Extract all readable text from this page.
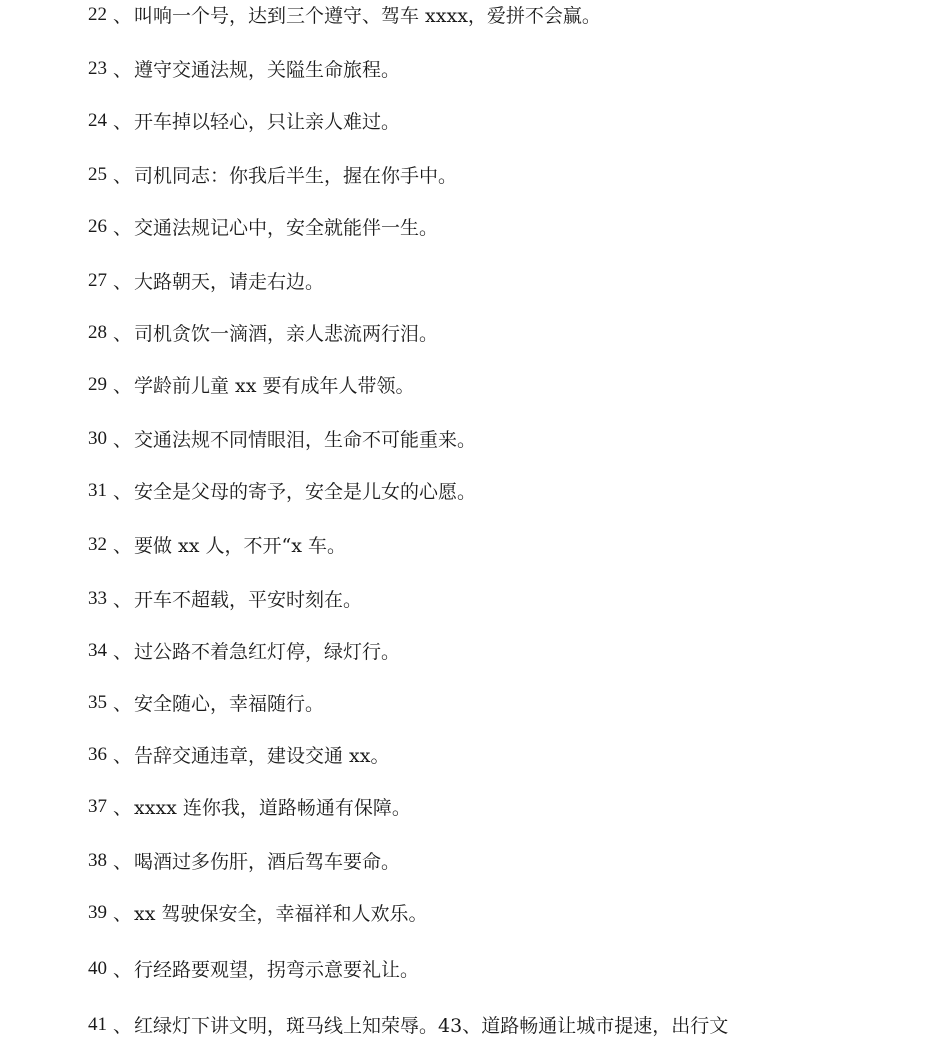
22 、 叫响一个号，达到三个遵守、驾车 xxxx，爱拼不会赢。
23 、 遵守交通法规，关隘生命旅程。
24 、 开车掉以轻心，只让亲人难过。
25 、 司机同志：你我后半生，握在你手中。
26 、 交通法规记心中，安全就能伴一生。
27 、 大路朝天，请走右边。
28 、 司机贪饮一滴酒，亲人悲流两行泪。
29 、 学龄前儿童 xx 要有成年人带领。
30 、 交通法规不同情眼泪，生命不可能重来。
31 、 安全是父母的寄予，安全是儿女的心愿。
32 、 要做 xx 人，不开“x 车。
33 、 开车不超载，平安时刻在。
34 、 过公路不着急红灯停，绿灯行。
35 、 安全随心，幸福随行。
36 、 告辞交通违章，建设交通 xx。
37 、 xxxx 连你我，道路畅通有保障。
38 、 喝酒过多伤肝，酒后驾车要命。
39 、 xx 驾驶保安全，幸福祥和人欢乐。
40 、 行经路要观望，拐弯示意要礼让。
41 、 红绿灯下讲文明，斑马线上知荣辱。43、道路畅通让城市提速，出行文
